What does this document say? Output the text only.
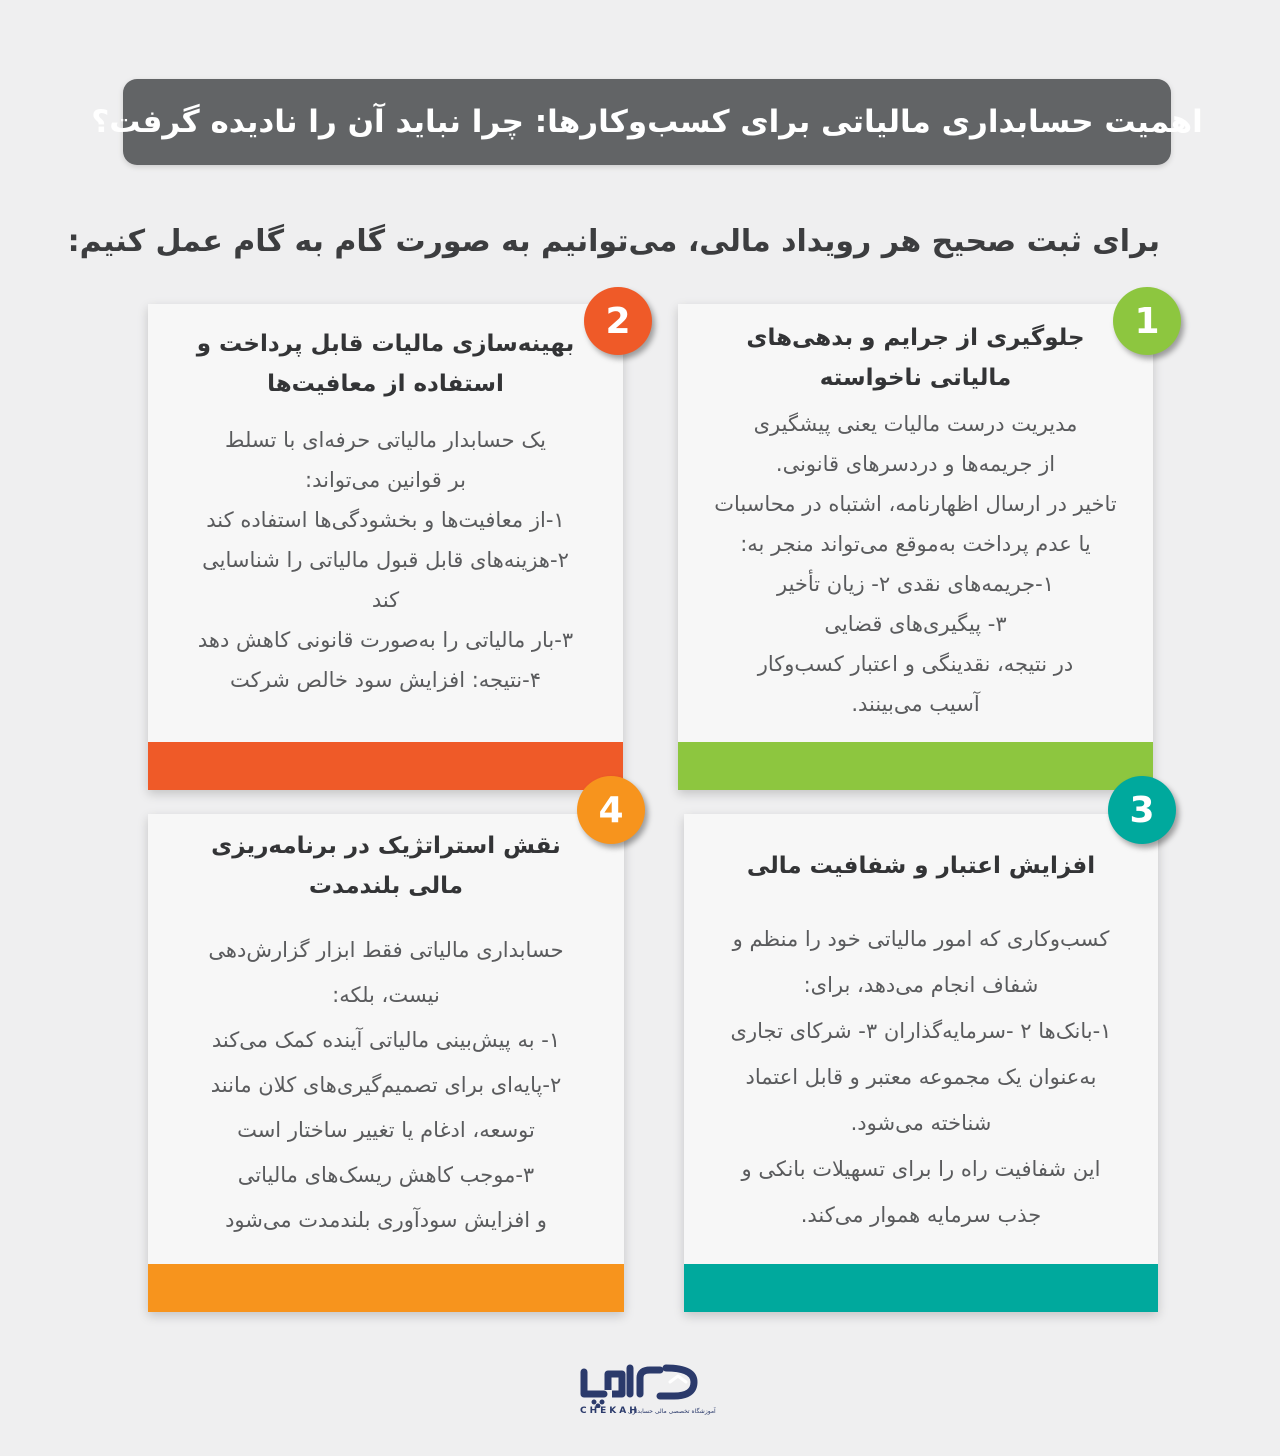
اهمیت حسابداری مالیاتی برای کسب‌وکارها: چرا نباید آن را نادیده گرفت؟
برای ثبت صحیح هر رویداد مالی، می‌توانیم به صورت گام به گام عمل کنیم:
جلوگیری از جرایم و بدهی‌های
مالیاتی ناخواسته
مدیریت درست مالیات یعنی پیشگیری
از جریمه‌ها و دردسرهای قانونی.
تاخیر در ارسال اظهارنامه، اشتباه در محاسبات
یا عدم پرداخت به‌موقع می‌تواند منجر به:
۱-جریمه‌های نقدی ۲- زیان تأخیر
۳- پیگیری‌های قضایی
در نتیجه، نقدینگی و اعتبار کسب‌وکار
آسیب می‌بینند.
1
بهینه‌سازی مالیات قابل پرداخت و
استفاده از معافیت‌ها
یک حسابدار مالیاتی حرفه‌ای با تسلط
بر قوانین می‌تواند:
۱-از معافیت‌ها و بخشودگی‌ها استفاده کند
۲-هزینه‌های قابل قبول مالیاتی را شناسایی
کند
۳-بار مالیاتی را به‌صورت قانونی کاهش دهد
۴-نتیجه: افزایش سود خالص شرکت
2
افزایش اعتبار و شفافیت مالی
کسب‌وکاری که امور مالیاتی خود را منظم و
شفاف انجام می‌دهد، برای:
۱-بانک‌ها ۲ -سرمایه‌گذاران ۳- شرکای تجاری
به‌عنوان یک مجموعه معتبر و قابل اعتماد
شناخته می‌شود.
این شفافیت راه را برای تسهیلات بانکی و
جذب سرمایه هموار می‌کند.
3
نقش استراتژیک در برنامه‌ریزی
مالی بلندمدت
حسابداری مالیاتی فقط ابزار گزارش‌دهی
نیست، بلکه:
۱- به پیش‌بینی مالیاتی آینده کمک می‌کند
۲-پایه‌ای برای تصمیم‌گیری‌های کلان مانند
توسعه، ادغام یا تغییر ساختار است
۳-موجب کاهش ریسک‌های مالیاتی
و افزایش سودآوری بلندمدت می‌شود
4
CHEKAH
آموزشگاه تخصصی مالی حسابداری
